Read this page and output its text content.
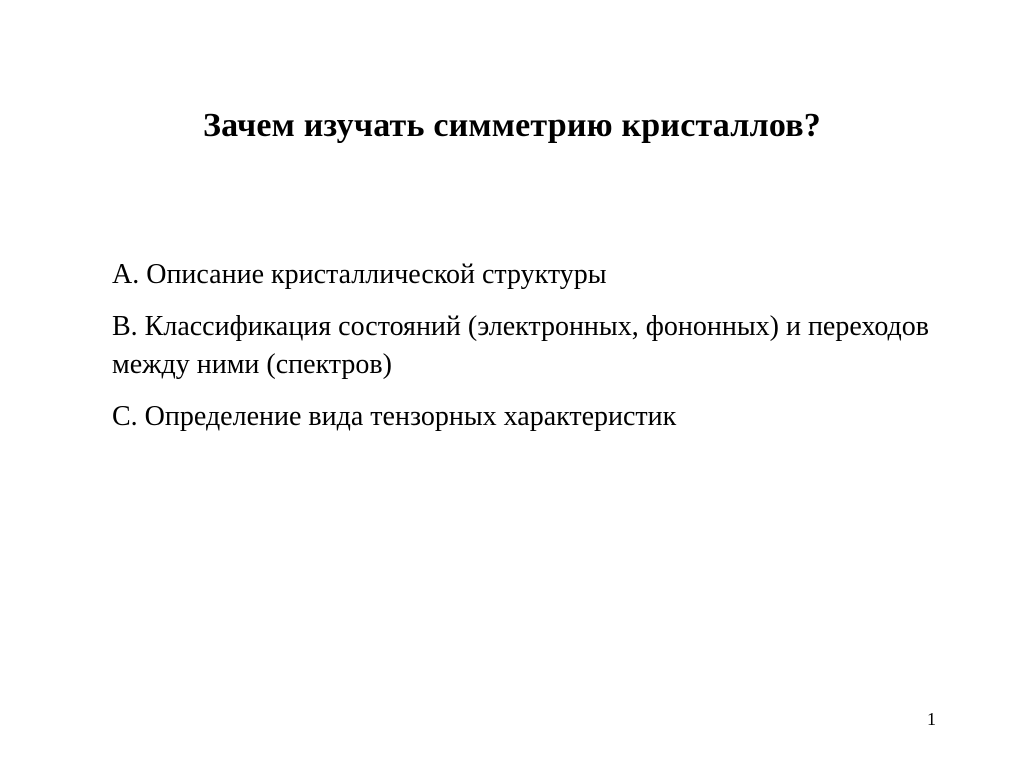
Зачем изучать симметрию кристаллов?

A. Описание кристаллической структуры

B. Классификация состояний (электронных, фононных) и переходов между ними (спектров)

C. Определение вида тензорных характеристик

1
